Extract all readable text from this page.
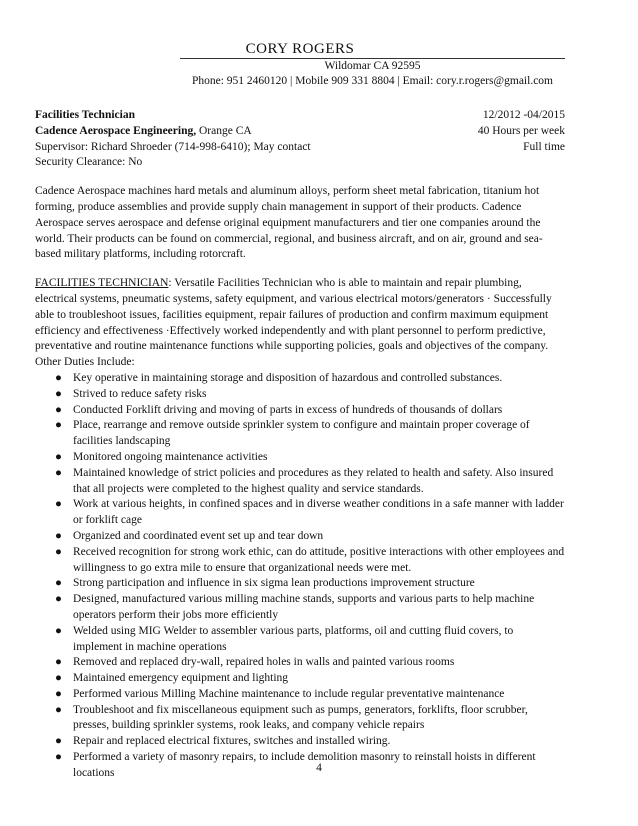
CORY ROGERS
Wildomar CA 92595
Phone: 951 2460120 | Mobile 909 331 8804 | Email: cory.r.rogers@gmail.com
Facilities Technician	12/2012 -04/2015
Cadence Aerospace Engineering, Orange CA	40 Hours per week
Supervisor: Richard Shroeder (714-998-6410); May contact	Full time
Security Clearance: No

Cadence Aerospace machines hard metals and aluminum alloys, perform sheet metal fabrication, titanium hot forming, produce assemblies and provide supply chain management in support of their products. Cadence Aerospace serves aerospace and defense original equipment manufacturers and tier one companies around the world. Their products can be found on commercial, regional, and business aircraft, and on air, ground and sea-based military platforms, including rotorcraft.

FACILITIES TECHNICIAN: Versatile Facilities Technician who is able to maintain and repair plumbing, electrical systems, pneumatic systems, safety equipment, and various electrical motors/generators · Successfully able to troubleshoot issues, facilities equipment, repair failures of production and confirm maximum equipment efficiency and effectiveness ·Effectively worked independently and with plant personnel to perform predictive, preventative and routine maintenance functions while supporting policies, goals and objectives of the company.

Other Duties Include:

● Key operative in maintaining storage and disposition of hazardous and controlled substances.
● Strived to reduce safety risks
● Conducted Forklift driving and moving of parts in excess of hundreds of thousands of dollars
● Place, rearrange and remove outside sprinkler system to configure and maintain proper coverage of facilities landscaping
● Monitored ongoing maintenance activities
● Maintained knowledge of strict policies and procedures as they related to health and safety. Also insured that all projects were completed to the highest quality and service standards.
● Work at various heights, in confined spaces and in diverse weather conditions in a safe manner with ladder or forklift cage
● Organized and coordinated event set up and tear down
● Received recognition for strong work ethic, can do attitude, positive interactions with other employees and willingness to go extra mile to ensure that organizational needs were met.
● Strong participation and influence in six sigma lean productions improvement structure
● Designed, manufactured various milling machine stands, supports and various parts to help machine operators perform their jobs more efficiently
● Welded using MIG Welder to assembler various parts, platforms, oil and cutting fluid covers, to implement in machine operations
● Removed and replaced dry-wall, repaired holes in walls and painted various rooms
● Maintained emergency equipment and lighting
● Performed various Milling Machine maintenance to include regular preventative maintenance
● Troubleshoot and fix miscellaneous equipment such as pumps, generators, forklifts, floor scrubber, presses, building sprinkler systems, rook leaks, and company vehicle repairs
● Repair and replaced electrical fixtures, switches and installed wiring.
● Performed a variety of masonry repairs, to include demolition masonry to reinstall hoists in different locations	4
